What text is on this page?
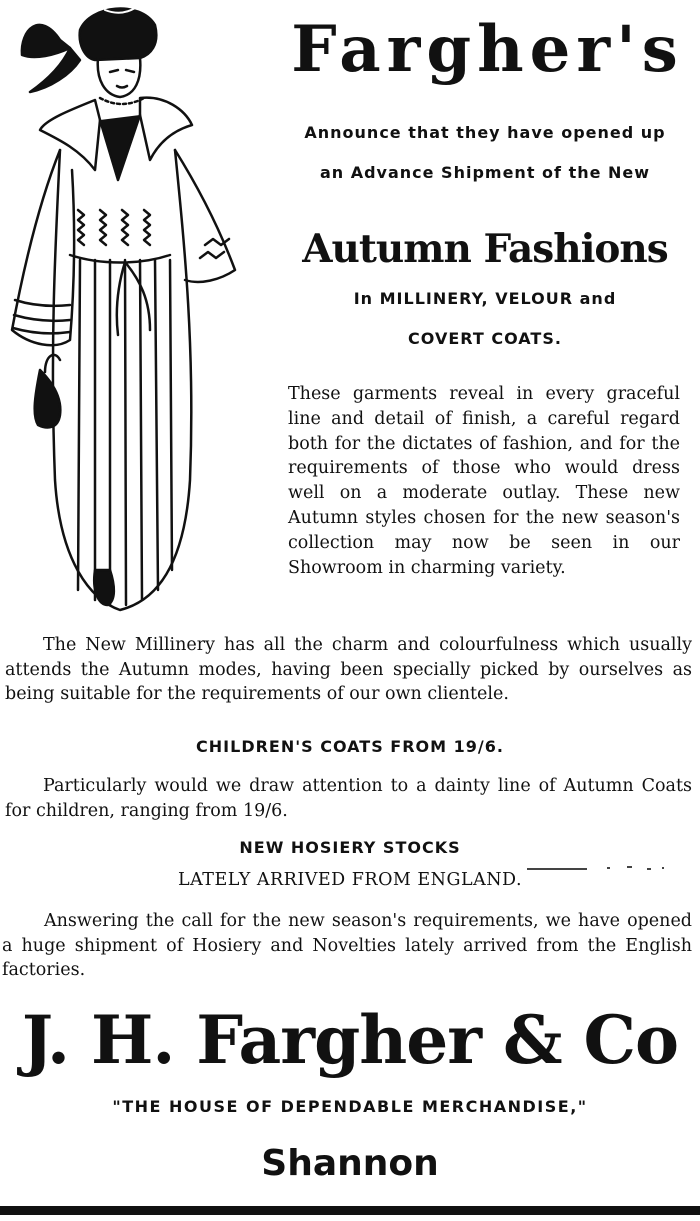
Fargher's
Announce that they have opened up
an Advance Shipment of the New
Autumn Fashions
In MILLINERY, VELOUR and
COVERT COATS.
These garments reveal in every graceful line and detail of finish, a careful regard both for the dictates of fashion, and for the requirements of those who would dress well on a moderate outlay. These new Autumn styles chosen for the new season's collection may now be seen in our Showroom in charming variety.
The New Millinery has all the charm and colourfulness which usually attends the Autumn modes, having been specially picked by ourselves as being suitable for the requirements of our own clientele.
CHILDREN'S COATS FROM 19/6.
Particularly would we draw attention to a dainty line of Autumn Coats for children, ranging from 19/6.
NEW HOSIERY STOCKS
LATELY ARRIVED FROM ENGLAND.
Answering the call for the new season's requirements, we have opened a huge shipment of Hosiery and Novelties lately arrived from the English factories.
J. H. Fargher & Co
"THE HOUSE OF DEPENDABLE MERCHANDISE,"
Shannon
